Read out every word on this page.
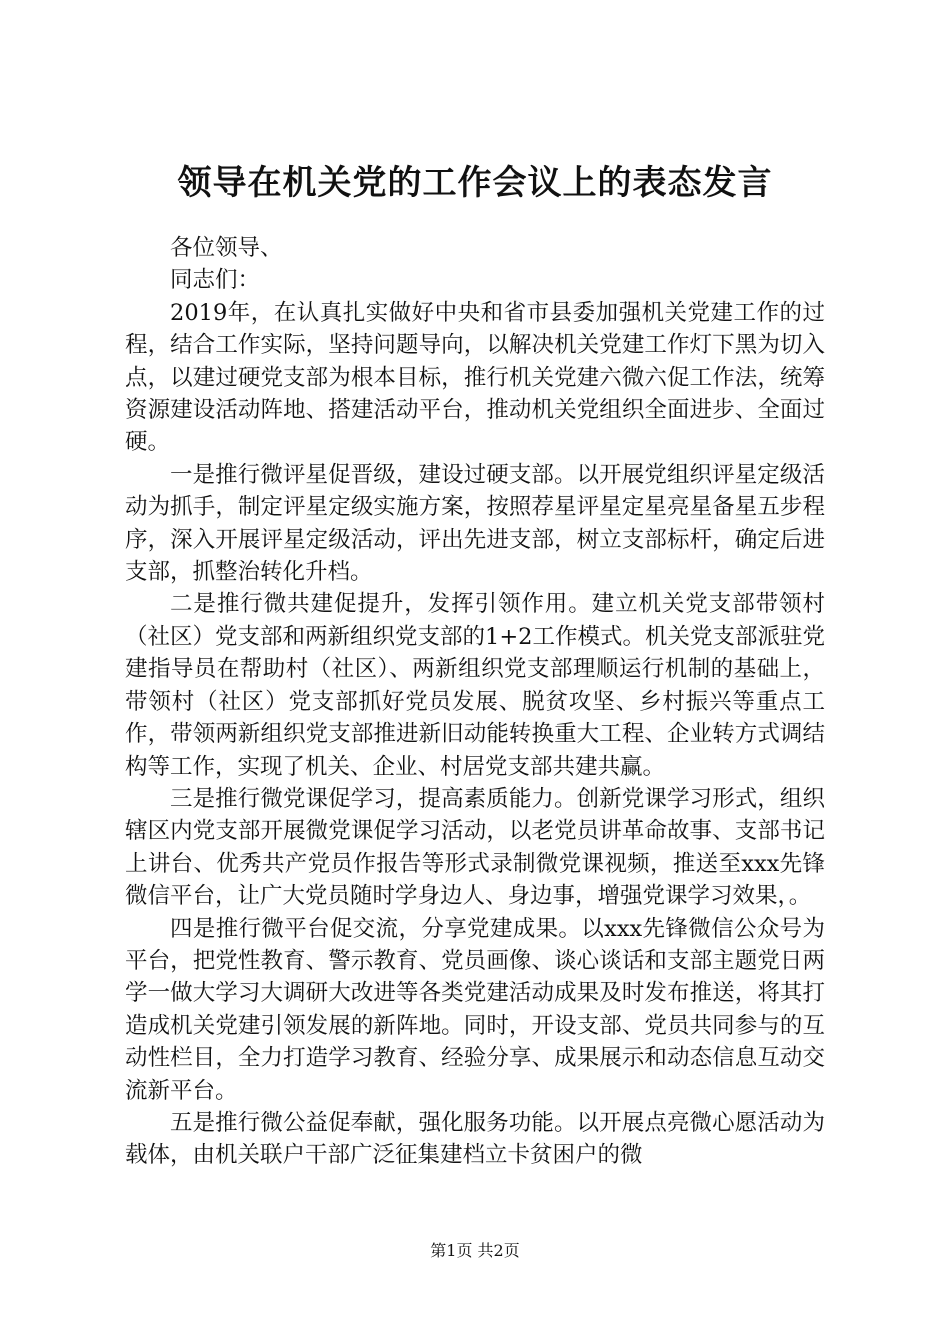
领导在机关党的工作会议上的表态发言

各位领导、

同志们：

2019年，在认真扎实做好中央和省市县委加强机关党建工作的过程，结合工作实际，坚持问题导向，以解决机关党建工作灯下黑为切入点，以建过硬党支部为根本目标，推行机关党建六微六促工作法，统筹资源建设活动阵地、搭建活动平台，推动机关党组织全面进步、全面过硬。

一是推行微评星促晋级，建设过硬支部。以开展党组织评星定级活动为抓手，制定评星定级实施方案，按照荐星评星定星亮星备星五步程序，深入开展评星定级活动，评出先进支部，树立支部标杆，确定后进支部，抓整治转化升档。

二是推行微共建促提升，发挥引领作用。建立机关党支部带领村（社区）党支部和两新组织党支部的1+2工作模式。机关党支部派驻党建指导员在帮助村（社区）、两新组织党支部理顺运行机制的基础上，带领村（社区）党支部抓好党员发展、脱贫攻坚、乡村振兴等重点工作，带领两新组织党支部推进新旧动能转换重大工程、企业转方式调结构等工作，实现了机关、企业、村居党支部共建共赢。

三是推行微党课促学习，提高素质能力。创新党课学习形式，组织辖区内党支部开展微党课促学习活动，以老党员讲革命故事、支部书记上讲台、优秀共产党员作报告等形式录制微党课视频，推送至xxx先锋微信平台，让广大党员随时学身边人、身边事，增强党课学习效果，。

四是推行微平台促交流，分享党建成果。以xxx先锋微信公众号为平台，把党性教育、警示教育、党员画像、谈心谈话和支部主题党日两学一做大学习大调研大改进等各类党建活动成果及时发布推送，将其打造成机关党建引领发展的新阵地。同时，开设支部、党员共同参与的互动性栏目，全力打造学习教育、经验分享、成果展示和动态信息互动交流新平台。

五是推行微公益促奉献，强化服务功能。以开展点亮微心愿活动为载体，由机关联户干部广泛征集建档立卡贫困户的微

第1页 共2页
